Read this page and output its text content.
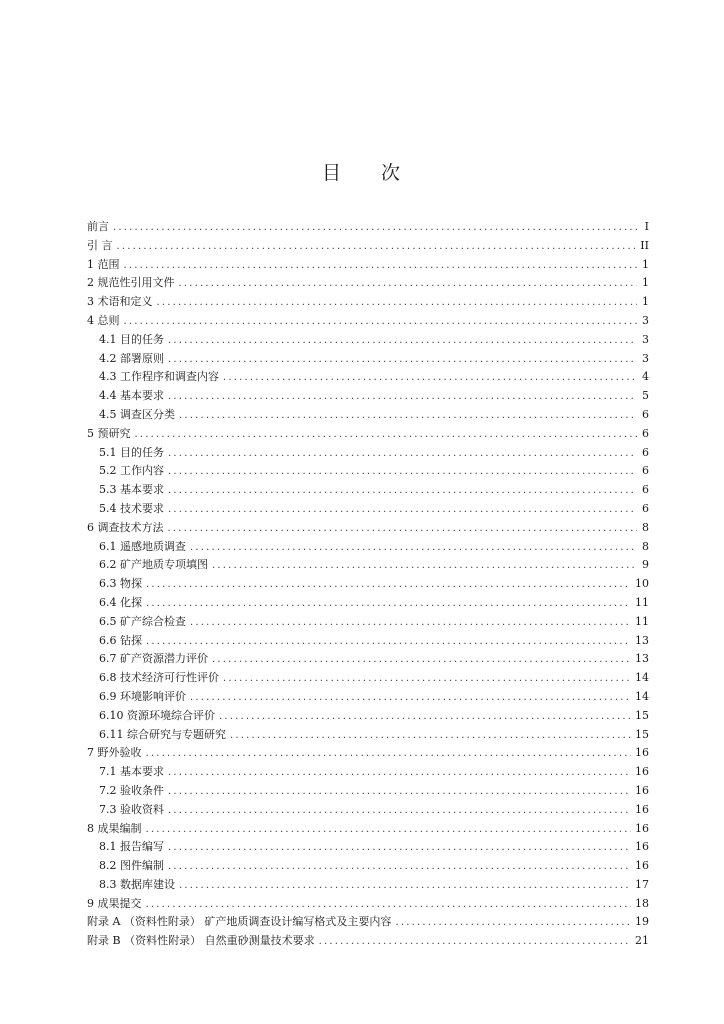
目 次
前言 .....	I
引 言 .....	II
1 范围 .....	1
2 规范性引用文件 .....	1
3 术语和定义 .....	1
4 总则 .....	3
4.1 目的任务 .....	3
4.2 部署原则 .....	3
4.3 工作程序和调查内容 .....	4
4.4 基本要求 .....	5
4.5 调查区分类 .....	6
5 预研究 .....	6
5.1 目的任务 .....	6
5.2 工作内容 .....	6
5.3 基本要求 .....	6
5.4 技术要求 .....	6
6 调查技术方法 .....	8
6.1 遥感地质调查 .....	8
6.2 矿产地质专项填图 .....	9
6.3 物探 .....	10
6.4 化探 .....	11
6.5 矿产综合检查 .....	11
6.6 钻探 .....	13
6.7 矿产资源潜力评价 .....	13
6.8 技术经济可行性评价 .....	14
6.9 环境影响评价 .....	14
6.10 资源环境综合评价 .....	15
6.11 综合研究与专题研究 .....	15
7 野外验收 .....	16
7.1 基本要求 .....	16
7.2 验收条件 .....	16
7.3 验收资料 .....	16
8 成果编制 .....	16
8.1 报告编写 .....	16
8.2 图件编制 .....	16
8.3 数据库建设 .....	17
9 成果提交 .....	18
附录 A （资料性附录） 矿产地质调查设计编写格式及主要内容 .....	19
附录 B （资料性附录） 自然重砂测量技术要求 .....	21
